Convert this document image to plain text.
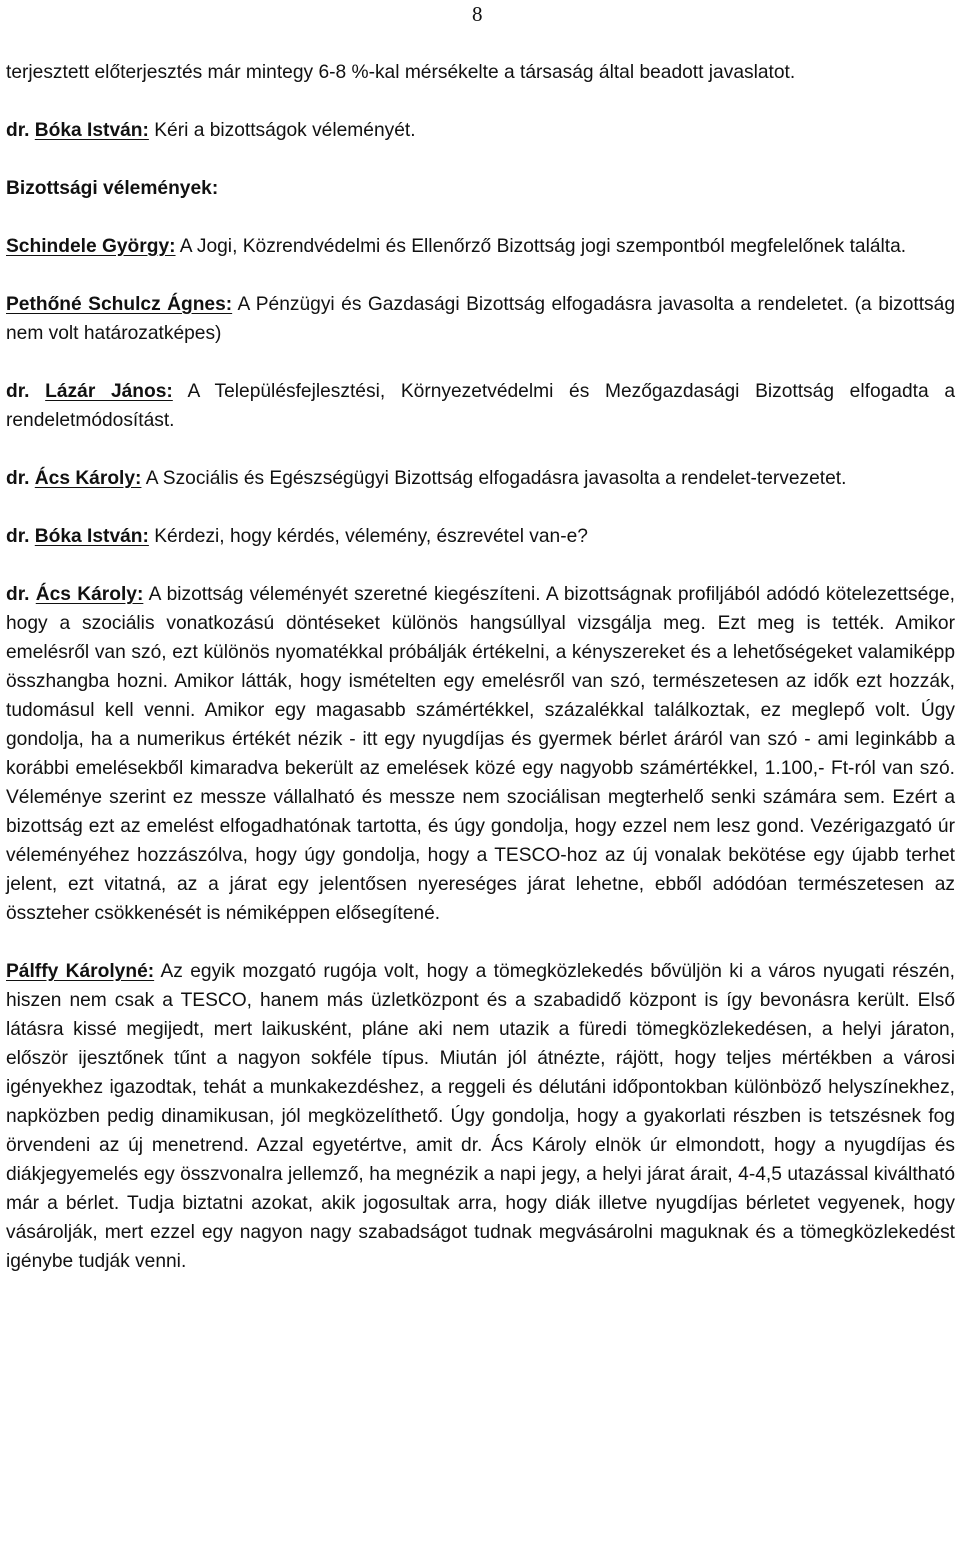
8

terjesztett előterjesztés már mintegy 6-8 %-kal mérsékelte a társaság által beadott javaslatot.

dr. Bóka István: Kéri a bizottságok véleményét.

Bizottsági vélemények:

Schindele György: A Jogi, Közrendvédelmi és Ellenőrző Bizottság jogi szempontból megfelelőnek találta.

Pethőné Schulcz Ágnes: A Pénzügyi és Gazdasági Bizottság elfogadásra javasolta a rendeletet. (a bizottság nem volt határozatképes)

dr. Lázár János: A Településfejlesztési, Környezetvédelmi és Mezőgazdasági Bizottság elfogadta a rendeletmódosítást.

dr. Ács Károly: A Szociális és Egészségügyi Bizottság elfogadásra javasolta a rendelet-tervezetet.

dr. Bóka István: Kérdezi, hogy kérdés, vélemény, észrevétel van-e?

dr. Ács Károly: A bizottság véleményét szeretné kiegészíteni. A bizottságnak profiljából adódó kötelezettsége, hogy a szociális vonatkozású döntéseket különös hangsúllyal vizsgálja meg. Ezt meg is tették. Amikor emelésről van szó, ezt különös nyomatékkal próbálják értékelni, a kényszereket és a lehetőségeket valamiképp összhangba hozni. Amikor látták, hogy ismételten egy emelésről van szó, természetesen az idők ezt hozzák, tudomásul kell venni. Amikor egy magasabb számértékkel, százalékkal találkoztak, ez meglepő volt. Úgy gondolja, ha a numerikus értékét nézik - itt egy nyugdíjas és gyermek bérlet áráról van szó - ami leginkább a korábbi emelésekből kimaradva bekerült az emelések közé egy nagyobb számértékkel, 1.100,- Ft-ról van szó. Véleménye szerint ez messze vállalható és messze nem szociálisan megterhelő senki számára sem. Ezért a bizottság ezt az emelést elfogadhatónak tartotta, és úgy gondolja, hogy ezzel nem lesz gond. Vezérigazgató úr véleményéhez hozzászólva, hogy úgy gondolja, hogy a TESCO-hoz az új vonalak bekötése egy újabb terhet jelent, ezt vitatná, az a járat egy jelentősen nyereséges járat lehetne, ebből adódóan természetesen az összteher csökkenését is némiképpen elősegítené.

Pálffy Károlyné: Az egyik mozgató rugója volt, hogy a tömegközlekedés bővüljön ki a város nyugati részén, hiszen nem csak a TESCO, hanem más üzletközpont és a szabadidő központ is így bevonásra került. Első látásra kissé megijedt, mert laikusként, pláne aki nem utazik a füredi tömegközlekedésen, a helyi járaton, először ijesztőnek tűnt a nagyon sokféle típus. Miután jól átnézte, rájött, hogy teljes mértékben a városi igényekhez igazodtak, tehát a munkakezdéshez, a reggeli és délutáni időpontokban különböző helyszínekhez, napközben pedig dinamikusan, jól megközelíthető. Úgy gondolja, hogy a gyakorlati részben is tetszésnek fog örvendeni az új menetrend. Azzal egyetértve, amit dr. Ács Károly elnök úr elmondott, hogy a nyugdíjas és diákjegyemelés egy összvonalra jellemző, ha megnézik a napi jegy, a helyi járat árait, 4-4,5 utazással kiváltható már a bérlet. Tudja biztatni azokat, akik jogosultak arra, hogy diák illetve nyugdíjas bérletet vegyenek, hogy vásárolják, mert ezzel egy nagyon nagy szabadságot tudnak megvásárolni maguknak és a tömegközlekedést igénybe tudják venni.
